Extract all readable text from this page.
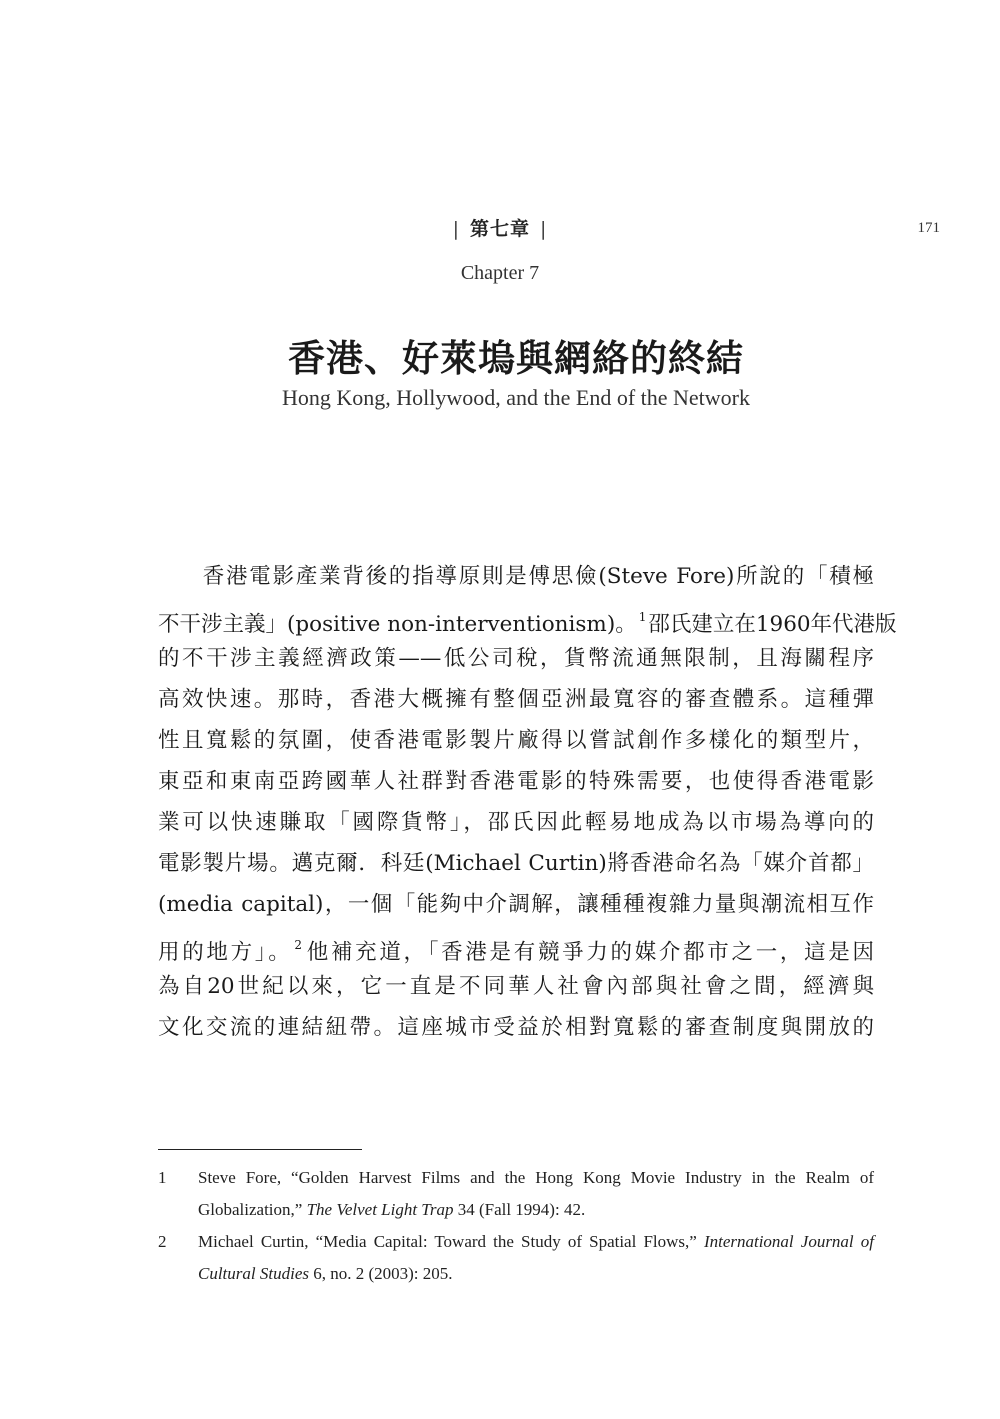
171
| 第七章 |
Chapter 7
香港、好萊塢與網絡的終結
Hong Kong, Hollywood, and the End of the Network
香港電影產業背後的指導原則是傅思儉(Steve Fore)所說的「積極
不干涉主義」(positive non-interventionism)。 $^1$邵氏建立在1960年代港版
的不干涉主義經濟政策——低公司稅，貨幣流通無限制，且海關程序
高效快速。那時，香港大概擁有整個亞洲最寬容的審查體系。這種彈
性且寬鬆的氛圍，使香港電影製片廠得以嘗試創作多樣化的類型片，
東亞和東南亞跨國華人社群對香港電影的特殊需要，也使得香港電影
業可以快速賺取「國際貨幣」，邵氏因此輕易地成為以市場為導向的
電影製片場。邁克爾．科廷(Michael Curtin)將香港命名為「媒介首都」
(media capital)，一個「能夠中介調解，讓種種複雜力量與潮流相互作
用的地方」。 $^2$他補充道，「香港是有競爭力的媒介都市之一，這是因
為自20世紀以來，它一直是不同華人社會內部與社會之間，經濟與
文化交流的連結紐帶。這座城市受益於相對寬鬆的審查制度與開放的
1 Steve Fore, “Golden Harvest Films and the Hong Kong Movie Industry in the Realm of
Globalization,” The Velvet Light Trap 34 (Fall 1994): 42.
2 Michael Curtin, “Media Capital: Toward the Study of Spatial Flows,” International Journal of
Cultural Studies 6, no. 2 (2003): 205.
